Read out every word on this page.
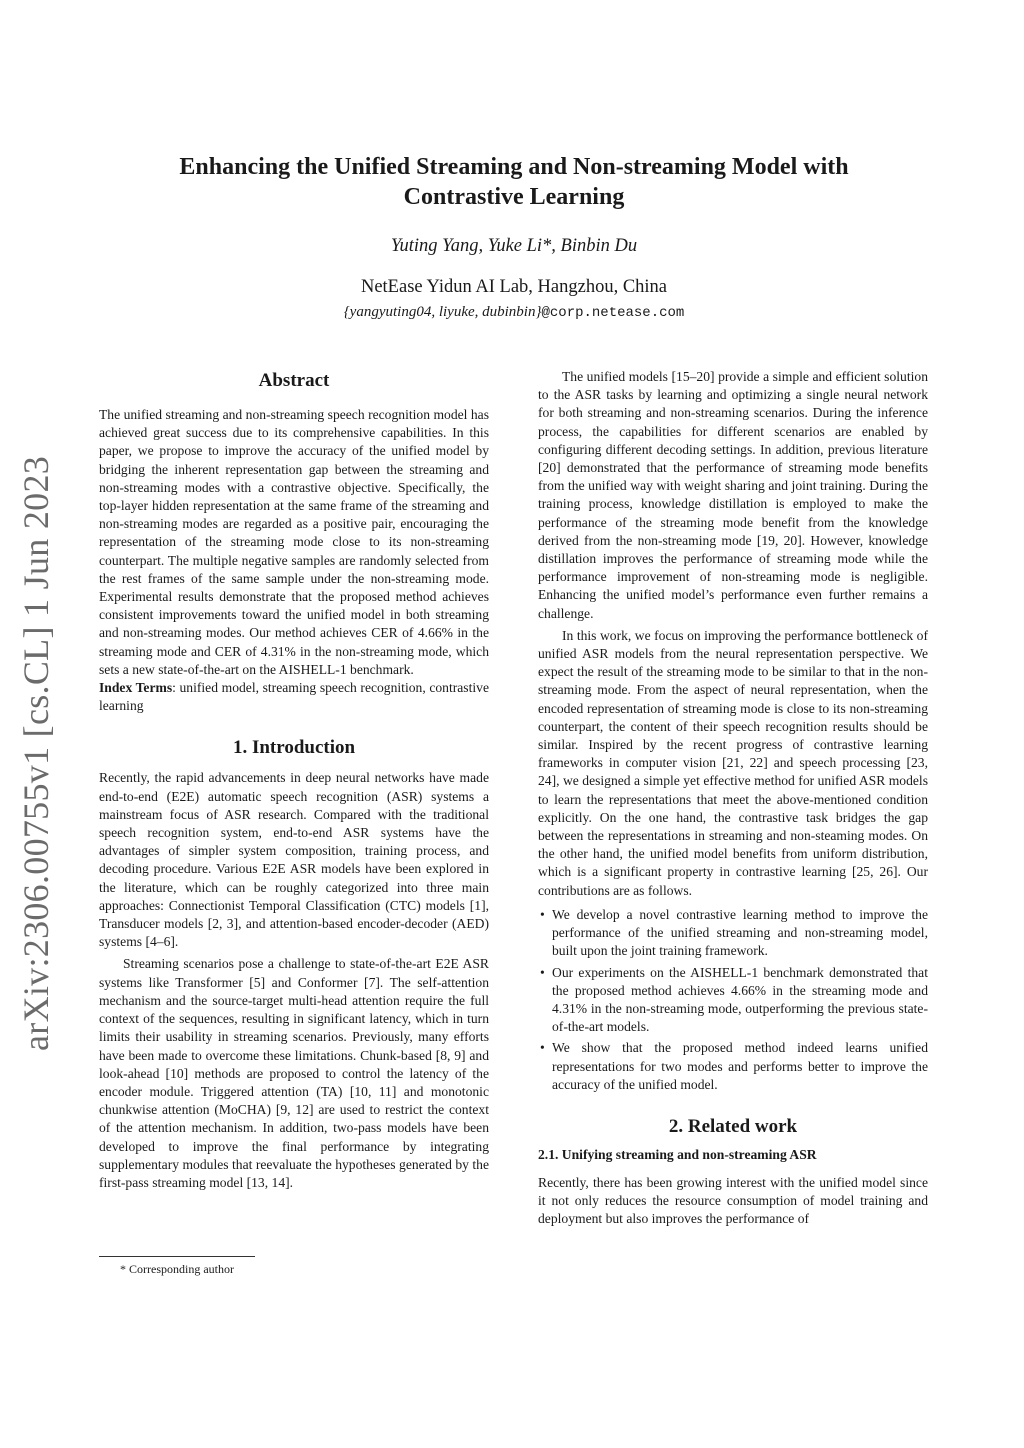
arXiv:2306.00755v1 [cs.CL] 1 Jun 2023
Enhancing the Unified Streaming and Non-streaming Model with
Contrastive Learning
Yuting Yang, Yuke Li*, Binbin Du
NetEase Yidun AI Lab, Hangzhou, China
{yangyuting04, liyuke, dubinbin}@corp.netease.com
Abstract

The unified streaming and non-streaming speech recognition model has achieved great success due to its comprehensive capabilities. In this paper, we propose to improve the accuracy of the unified model by bridging the inherent representation gap between the streaming and non-streaming modes with a contrastive objective. Specifically, the top-layer hidden representation at the same frame of the streaming and non-streaming modes are regarded as a positive pair, encouraging the representation of the streaming mode close to its non-streaming counterpart. The multiple negative samples are randomly selected from the rest frames of the same sample under the non-streaming mode. Experimental results demonstrate that the proposed method achieves consistent improvements toward the unified model in both streaming and non-streaming modes. Our method achieves CER of 4.66% in the streaming mode and CER of 4.31% in the non-streaming mode, which sets a new state-of-the-art on the AISHELL-1 benchmark.

Index Terms: unified model, streaming speech recognition, contrastive learning

1. Introduction

Recently, the rapid advancements in deep neural networks have made end-to-end (E2E) automatic speech recognition (ASR) systems a mainstream focus of ASR research. Compared with the traditional speech recognition system, end-to-end ASR systems have the advantages of simpler system composition, training process, and decoding procedure. Various E2E ASR models have been explored in the literature, which can be roughly categorized into three main approaches: Connectionist Temporal Classification (CTC) models [1], Transducer models [2, 3], and attention-based encoder-decoder (AED) systems [4–6].

Streaming scenarios pose a challenge to state-of-the-art E2E ASR systems like Transformer [5] and Conformer [7]. The self-attention mechanism and the source-target multi-head attention require the full context of the sequences, resulting in significant latency, which in turn limits their usability in streaming scenarios. Previously, many efforts have been made to overcome these limitations. Chunk-based [8, 9] and look-ahead [10] methods are proposed to control the latency of the encoder module. Triggered attention (TA) [10, 11] and monotonic chunkwise attention (MoCHA) [9, 12] are used to restrict the context of the attention mechanism. In addition, two-pass models have been developed to improve the final performance by integrating supplementary modules that reevaluate the hypotheses generated by the first-pass streaming model [13, 14].

* Corresponding author

The unified models [15–20] provide a simple and efficient solution to the ASR tasks by learning and optimizing a single neural network for both streaming and non-streaming scenarios. During the inference process, the capabilities for different scenarios are enabled by configuring different decoding settings. In addition, previous literature [20] demonstrated that the performance of streaming mode benefits from the unified way with weight sharing and joint training. During the training process, knowledge distillation is employed to make the performance of the streaming mode benefit from the knowledge derived from the non-streaming mode [19, 20]. However, knowledge distillation improves the performance of streaming mode while the performance improvement of non-streaming mode is negligible. Enhancing the unified model’s performance even further remains a challenge.

In this work, we focus on improving the performance bottleneck of unified ASR models from the neural representation perspective. We expect the result of the streaming mode to be similar to that in the non-streaming mode. From the aspect of neural representation, when the encoded representation of streaming mode is close to its non-streaming counterpart, the content of their speech recognition results should be similar. Inspired by the recent progress of contrastive learning frameworks in computer vision [21, 22] and speech processing [23, 24], we designed a simple yet effective method for unified ASR models to learn the representations that meet the above-mentioned condition explicitly. On the one hand, the contrastive task bridges the gap between the representations in streaming and non-steaming modes. On the other hand, the unified model benefits from uniform distribution, which is a significant property in contrastive learning [25, 26]. Our contributions are as follows.

• We develop a novel contrastive learning method to improve the performance of the unified streaming and non-streaming model, built upon the joint training framework.
• Our experiments on the AISHELL-1 benchmark demonstrated that the proposed method achieves 4.66% in the streaming mode and 4.31% in the non-streaming mode, outperforming the previous state-of-the-art models.
• We show that the proposed method indeed learns unified representations for two modes and performs better to improve the accuracy of the unified model.
2. Related work
2.1. Unifying streaming and non-streaming ASR

Recently, there has been growing interest with the unified model since it not only reduces the resource consumption of model training and deployment but also improves the performance of
